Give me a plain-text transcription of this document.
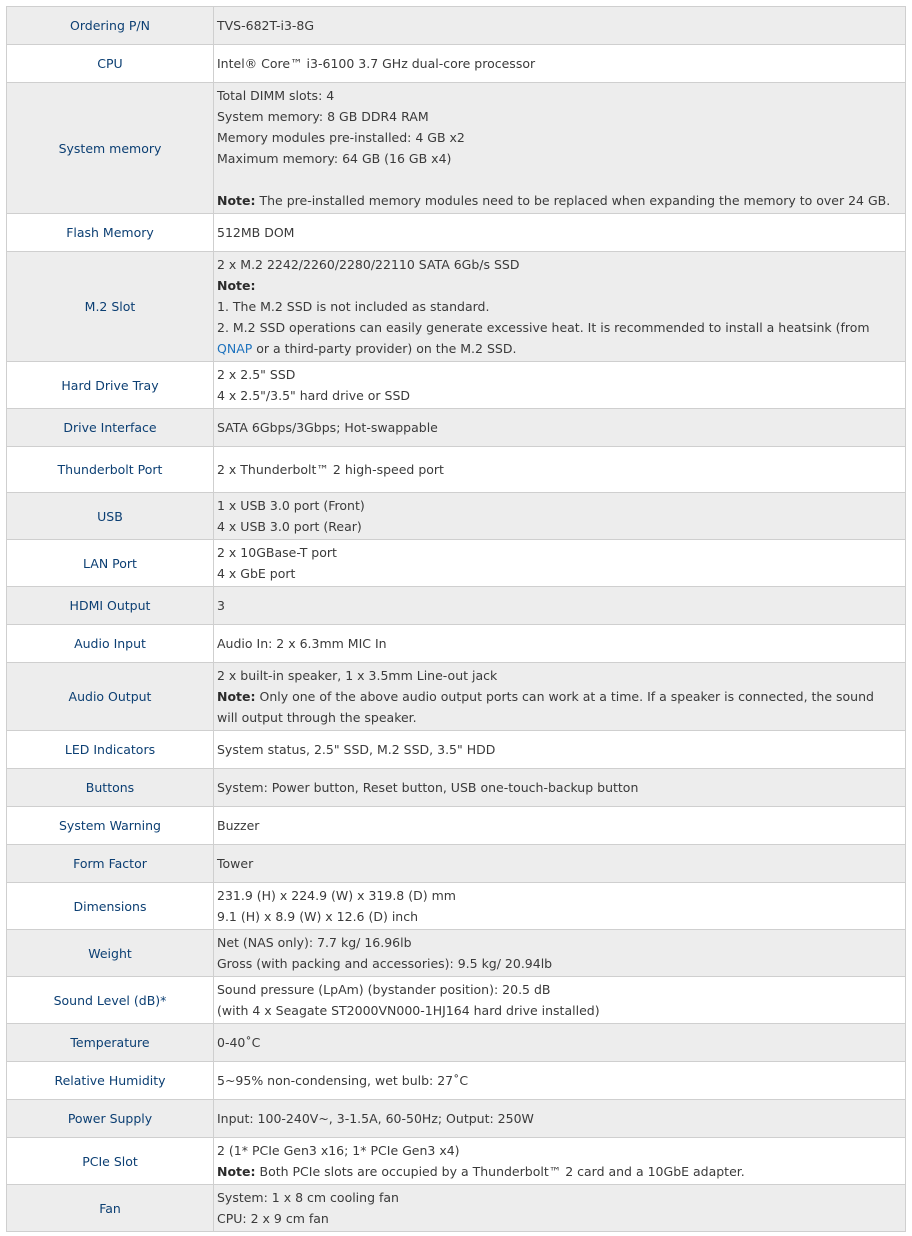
Ordering P/N	TVS-682T-i3-8G

CPU	Intel® Core™ i3-6100 3.7 GHz dual-core processor

System memory	Total DIMM slots: 4
System memory: 8 GB DDR4 RAM
Memory modules pre-installed: 4 GB x2
Maximum memory: 64 GB (16 GB x4)
Note: The pre-installed memory modules need to be replaced when expanding the memory to over 24 GB.

Flash Memory	512MB DOM

M.2 Slot	2 x M.2 2242/2260/2280/22110 SATA 6Gb/s SSD
Note:
1. The M.2 SSD is not included as standard.
2. M.2 SSD operations can easily generate excessive heat. It is recommended to install a heatsink (from QNAP or a third-party provider) on the M.2 SSD.

Hard Drive Tray	2 x 2.5" SSD
4 x 2.5"/3.5" hard drive or SSD

Drive Interface	SATA 6Gbps/3Gbps; Hot-swappable

Thunderbolt Port	2 x Thunderbolt™ 2 high-speed port

USB	1 x USB 3.0 port (Front)
4 x USB 3.0 port (Rear)

LAN Port	2 x 10GBase-T port
4 x GbE port

HDMI Output	3

Audio Input	Audio In: 2 x 6.3mm MIC In

Audio Output	2 x built-in speaker, 1 x 3.5mm Line-out jack
Note: Only one of the above audio output ports can work at a time. If a speaker is connected, the sound will output through the speaker.

LED Indicators	System status, 2.5" SSD, M.2 SSD, 3.5" HDD

Buttons	System: Power button, Reset button, USB one-touch-backup button

System Warning	Buzzer

Form Factor	Tower

Dimensions	231.9 (H) x 224.9 (W) x 319.8 (D) mm
9.1 (H) x 8.9 (W) x 12.6 (D) inch

Weight	Net (NAS only): 7.7 kg/ 16.96lb
Gross (with packing and accessories): 9.5 kg/ 20.94lb

Sound Level (dB)*	Sound pressure (LpAm) (bystander position): 20.5 dB
(with 4 x Seagate ST2000VN000-1HJ164 hard drive installed)

Temperature	0-40˚C

Relative Humidity	5~95% non-condensing, wet bulb: 27˚C

Power Supply	Input: 100-240V~, 3-1.5A, 60-50Hz; Output: 250W

PCIe Slot	2 (1* PCIe Gen3 x16; 1* PCIe Gen3 x4)
Note: Both PCIe slots are occupied by a Thunderbolt™ 2 card and a 10GbE adapter.

Fan	System: 1 x 8 cm cooling fan
CPU: 2 x 9 cm fan
